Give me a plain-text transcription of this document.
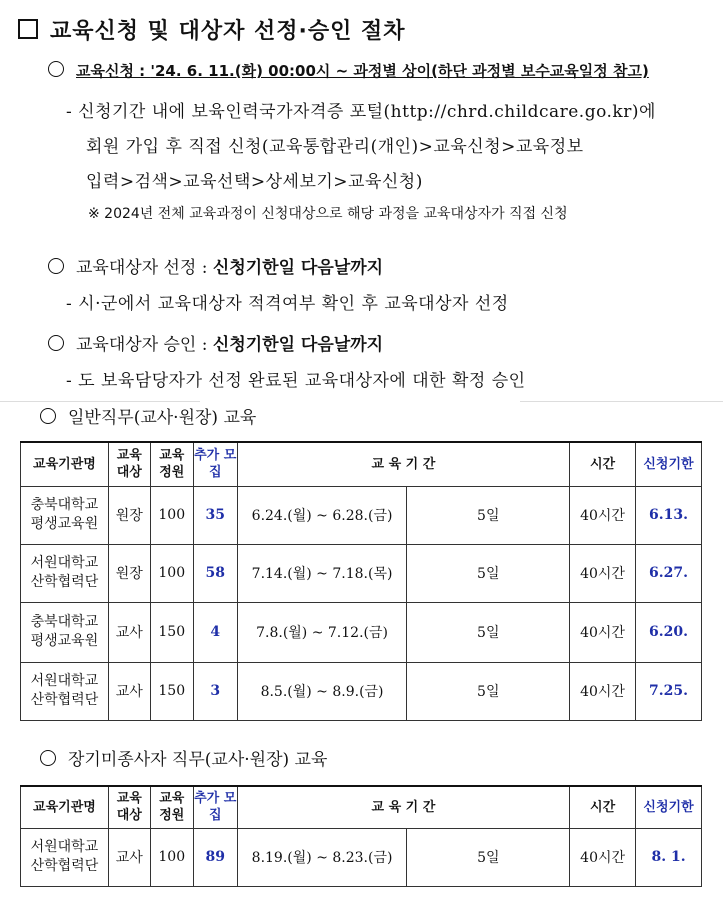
교육신청 및 대상자 선정·승인 절차
교육신청 : '24. 6. 11.(화) 00:00시 ~ 과정별 상이(하단 과정별 보수교육일정 참고)
- 신청기간 내에 보육인력국가자격증 포털(http://chrd.childcare.go.kr)에
회원 가입 후 직접 신청(교육통합관리(개인)>교육신청>교육정보
입력>검색>교육선택>상세보기>교육신청)
※ 2024년 전체 교육과정이 신청대상으로 해당 과정을 교육대상자가 직접 신청
교육대상자 선정 : 신청기한일 다음날까지
- 시·군에서 교육대상자 적격여부 확인 후 교육대상자 선정
교육대상자 승인 : 신청기한일 다음날까지
- 도 보육담당자가 선정 완료된 교육대상자에 대한 확정 승인
일반직무(교사·원장) 교육
교육기관명	교육 대상	교육 정원	추가 모집	교 육 기 간		시간	신청기한
충북대학교
평생교육원	원장	100	35	6.24.(월) ~ 6.28.(금)	5일	40시간	6.13.
서원대학교
산학협력단	원장	100	58	7.14.(월) ~ 7.18.(목)	5일	40시간	6.27.
충북대학교
평생교육원	교사	150	4	7.8.(월) ~ 7.12.(금)	5일	40시간	6.20.
서원대학교
산학협력단	교사	150	3	8.5.(월) ~ 8.9.(금)	5일	40시간	7.25.
장기미종사자 직무(교사·원장) 교육
교육기관명	교육 대상	교육 정원	추가 모집	교 육 기 간		시간	신청기한
서원대학교
산학협력단	교사	100	89	8.19.(월) ~ 8.23.(금)	5일	40시간	8. 1.
